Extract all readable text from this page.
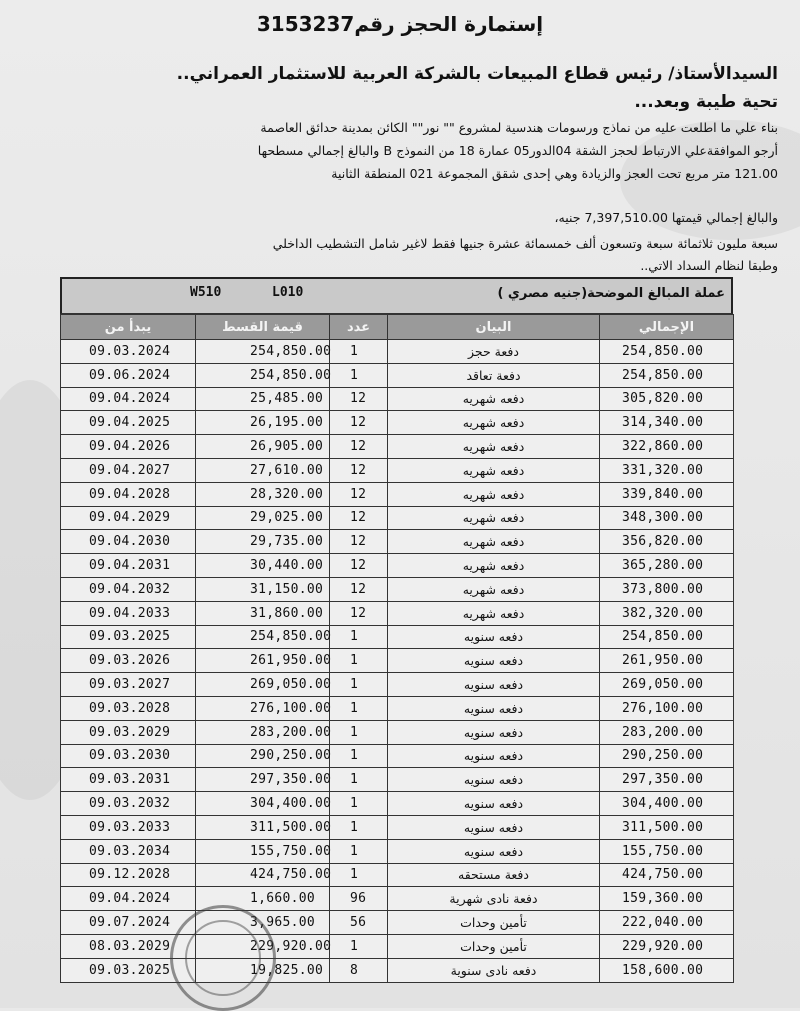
إستمارة الحجز رقم3153237
السيدالأستاذ/ رئيس قطاع المبيعات بالشركة العربية للاستثمار العمراني..
تحية طيبة وبعد...
بناء علي ما اطلعت عليه من نماذج ورسومات هندسية لمشروع "" نور"" الكائن بمدينة حدائق العاصمة
أرجو الموافقةعلي الارتباط لحجز الشقة 04الدور05 عمارة 18 من النموذج B والبالغ إجمالي مسطحها
121.00 متر مربع تحت العجز والزيادة وهي إحدى شقق المجموعة 021 المنطقة الثانية
والبالغ إجمالي قيمتها 7,397,510.00 جنيه،
سبعة مليون ثلاثمائة سبعة وتسعون ألف خمسمائة عشرة جنيها فقط لاغير شامل التشطيب الداخلي
وطبقا لنظام السداد الاتي..
W510	L010	عملة المبالغ الموضحة(جنيه مصري )
يبدأ من	قيمة القسط	عدد	البيان	الإجمالي
09.03.2024	254,850.00	1	دفعة حجز	254,850.00
09.06.2024	254,850.00	1	دفعة تعاقد	254,850.00
09.04.2024	25,485.00	12	دفعه شهريه	305,820.00
09.04.2025	26,195.00	12	دفعه شهريه	314,340.00
09.04.2026	26,905.00	12	دفعه شهريه	322,860.00
09.04.2027	27,610.00	12	دفعه شهريه	331,320.00
09.04.2028	28,320.00	12	دفعه شهريه	339,840.00
09.04.2029	29,025.00	12	دفعه شهريه	348,300.00
09.04.2030	29,735.00	12	دفعه شهريه	356,820.00
09.04.2031	30,440.00	12	دفعه شهريه	365,280.00
09.04.2032	31,150.00	12	دفعه شهريه	373,800.00
09.04.2033	31,860.00	12	دفعه شهريه	382,320.00
09.03.2025	254,850.00	1	دفعه سنويه	254,850.00
09.03.2026	261,950.00	1	دفعه سنويه	261,950.00
09.03.2027	269,050.00	1	دفعه سنويه	269,050.00
09.03.2028	276,100.00	1	دفعه سنويه	276,100.00
09.03.2029	283,200.00	1	دفعه سنويه	283,200.00
09.03.2030	290,250.00	1	دفعه سنويه	290,250.00
09.03.2031	297,350.00	1	دفعه سنويه	297,350.00
09.03.2032	304,400.00	1	دفعه سنويه	304,400.00
09.03.2033	311,500.00	1	دفعه سنويه	311,500.00
09.03.2034	155,750.00	1	دفعه سنويه	155,750.00
09.12.2028	424,750.00	1	دفعة مستحقه	424,750.00
09.04.2024	1,660.00	96	دفعة نادى شهرية	159,360.00
09.07.2024	3,965.00	56	تأمين وحدات	222,040.00
08.03.2029	229,920.00	1	تأمين وحدات	229,920.00
09.03.2025	19,825.00	8	دفعه نادى سنوية	158,600.00
